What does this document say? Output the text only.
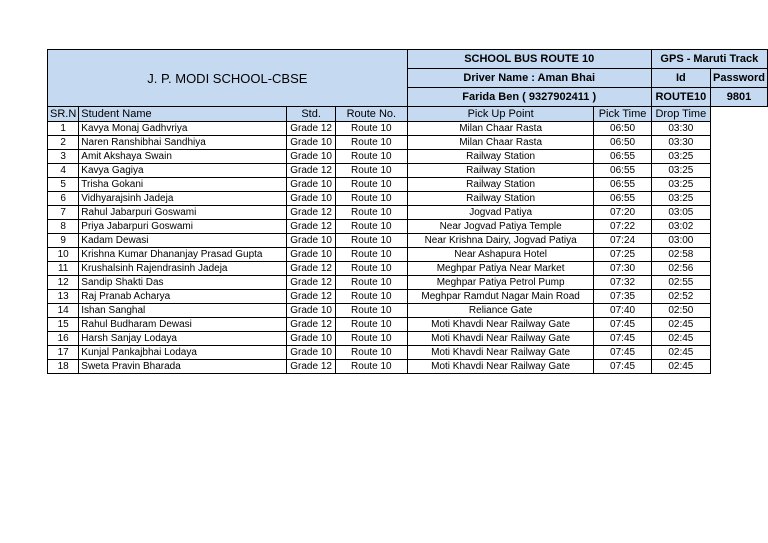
J. P. MODI SCHOOL-CBSE				SCHOOL BUS ROUTE 10		GPS - Maruti Track	
				Driver Name : Aman Bhai		Id	Password
				Farida Ben ( 9327902411 )		ROUTE10	9801
SR.N	Student Name	Std.	Route No.	Pick Up Point	Pick Time	Drop Time	
1	Kavya Monaj Gadhvriya	Grade 12	Route 10	Milan Chaar Rasta	06:50	03:30	
2	Naren Ranshibhai Sandhiya	Grade 10	Route 10	Milan Chaar Rasta	06:50	03:30	
3	Amit Akshaya Swain	Grade 10	Route 10	Railway Station	06:55	03:25	
4	Kavya Gagiya	Grade 12	Route 10	Railway Station	06:55	03:25	
5	Trisha Gokani	Grade 10	Route 10	Railway Station	06:55	03:25	
6	Vidhyarajsinh Jadeja	Grade 10	Route 10	Railway Station	06:55	03:25	
7	Rahul Jabarpuri Goswami	Grade 12	Route 10	Jogvad Patiya	07:20	03:05	
8	Priya Jabarpuri Goswami	Grade 12	Route 10	Near Jogvad Patiya Temple	07:22	03:02	
9	Kadam Dewasi	Grade 10	Route 10	Near Krishna Dairy, Jogvad Patiya	07:24	03:00	
10	Krishna Kumar Dhananjay Prasad Gupta	Grade 10	Route 10	Near Ashapura Hotel	07:25	02:58	
11	Krushalsinh Rajendrasinh Jadeja	Grade 12	Route 10	Meghpar Patiya Near Market	07:30	02:56	
12	Sandip Shakti Das	Grade 12	Route 10	Meghpar Patiya Petrol Pump	07:32	02:55	
13	Raj Pranab Acharya	Grade 12	Route 10	Meghpar Ramdut Nagar Main Road	07:35	02:52	
14	Ishan Sanghal	Grade 10	Route 10	Reliance Gate	07:40	02:50	
15	Rahul Budharam Dewasi	Grade 12	Route 10	Moti Khavdi Near Railway Gate	07:45	02:45	
16	Harsh Sanjay Lodaya	Grade 10	Route 10	Moti Khavdi Near Railway Gate	07:45	02:45	
17	Kunjal Pankajbhai Lodaya	Grade 10	Route 10	Moti Khavdi Near Railway Gate	07:45	02:45	
18	Sweta Pravin Bharada	Grade 12	Route 10	Moti Khavdi Near Railway Gate	07:45	02:45	
